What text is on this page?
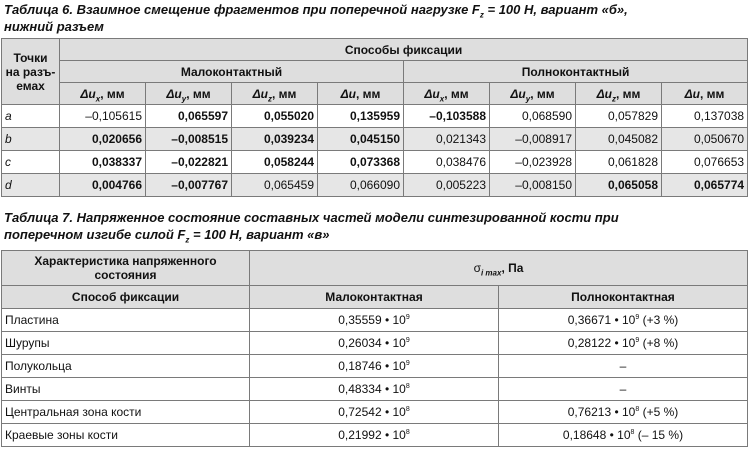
Таблица 6. Взаимное смещение фрагментов при поперечной нагрузке $F_z = 100$ Н, вариант «б»,
нижний разъем
Точки на разъ-емах	Способы фиксации							
	Малоконтактный				Полноконтактный			
	$\Delta u_x$, мм	$\Delta u_y$, мм	$\Delta u_z$, мм	Δu, мм	$\Delta u_x$, мм	$\Delta u_y$, мм	$\Delta u_z$, мм	Δu, мм
a	–0,105615	0,065597	0,055020	0,135959	–0,103588	0,068590	0,057829	0,137038
b	0,020656	–0,008515	0,039234	0,045150	0,021343	–0,008917	0,045082	0,050670
c	0,038337	–0,022821	0,058244	0,073368	0,038476	–0,023928	0,061828	0,076653
d	0,004766	–0,007767	0,065459	0,066090	0,005223	–0,008150	0,065058	0,065774
Таблица 7. Напряженное состояние составных частей модели синтезированной кости при
поперечном изгибе силой $F_z = 100$ Н, вариант «в»
Характеристика напряженного состояния	$\sigma_{i max}$, Па	
Способ фиксации	Малоконтактная	Полноконтактная
Пластина	0,35559 • $10^9$	0,36671 • $10^9$ (+3 %)
Шурупы	0,26034 • $10^9$	0,28122 • $10^9$ (+8 %)
Полукольца	0,18746 • $10^9$	–
Винты	0,48334 • $10^8$	–
Центральная зона кости	0,72542 • $10^8$	0,76213 • $10^8$ (+5 %)
Краевые зоны кости	0,21992 • $10^8$	0,18648 • $10^8$ (– 15 %)
